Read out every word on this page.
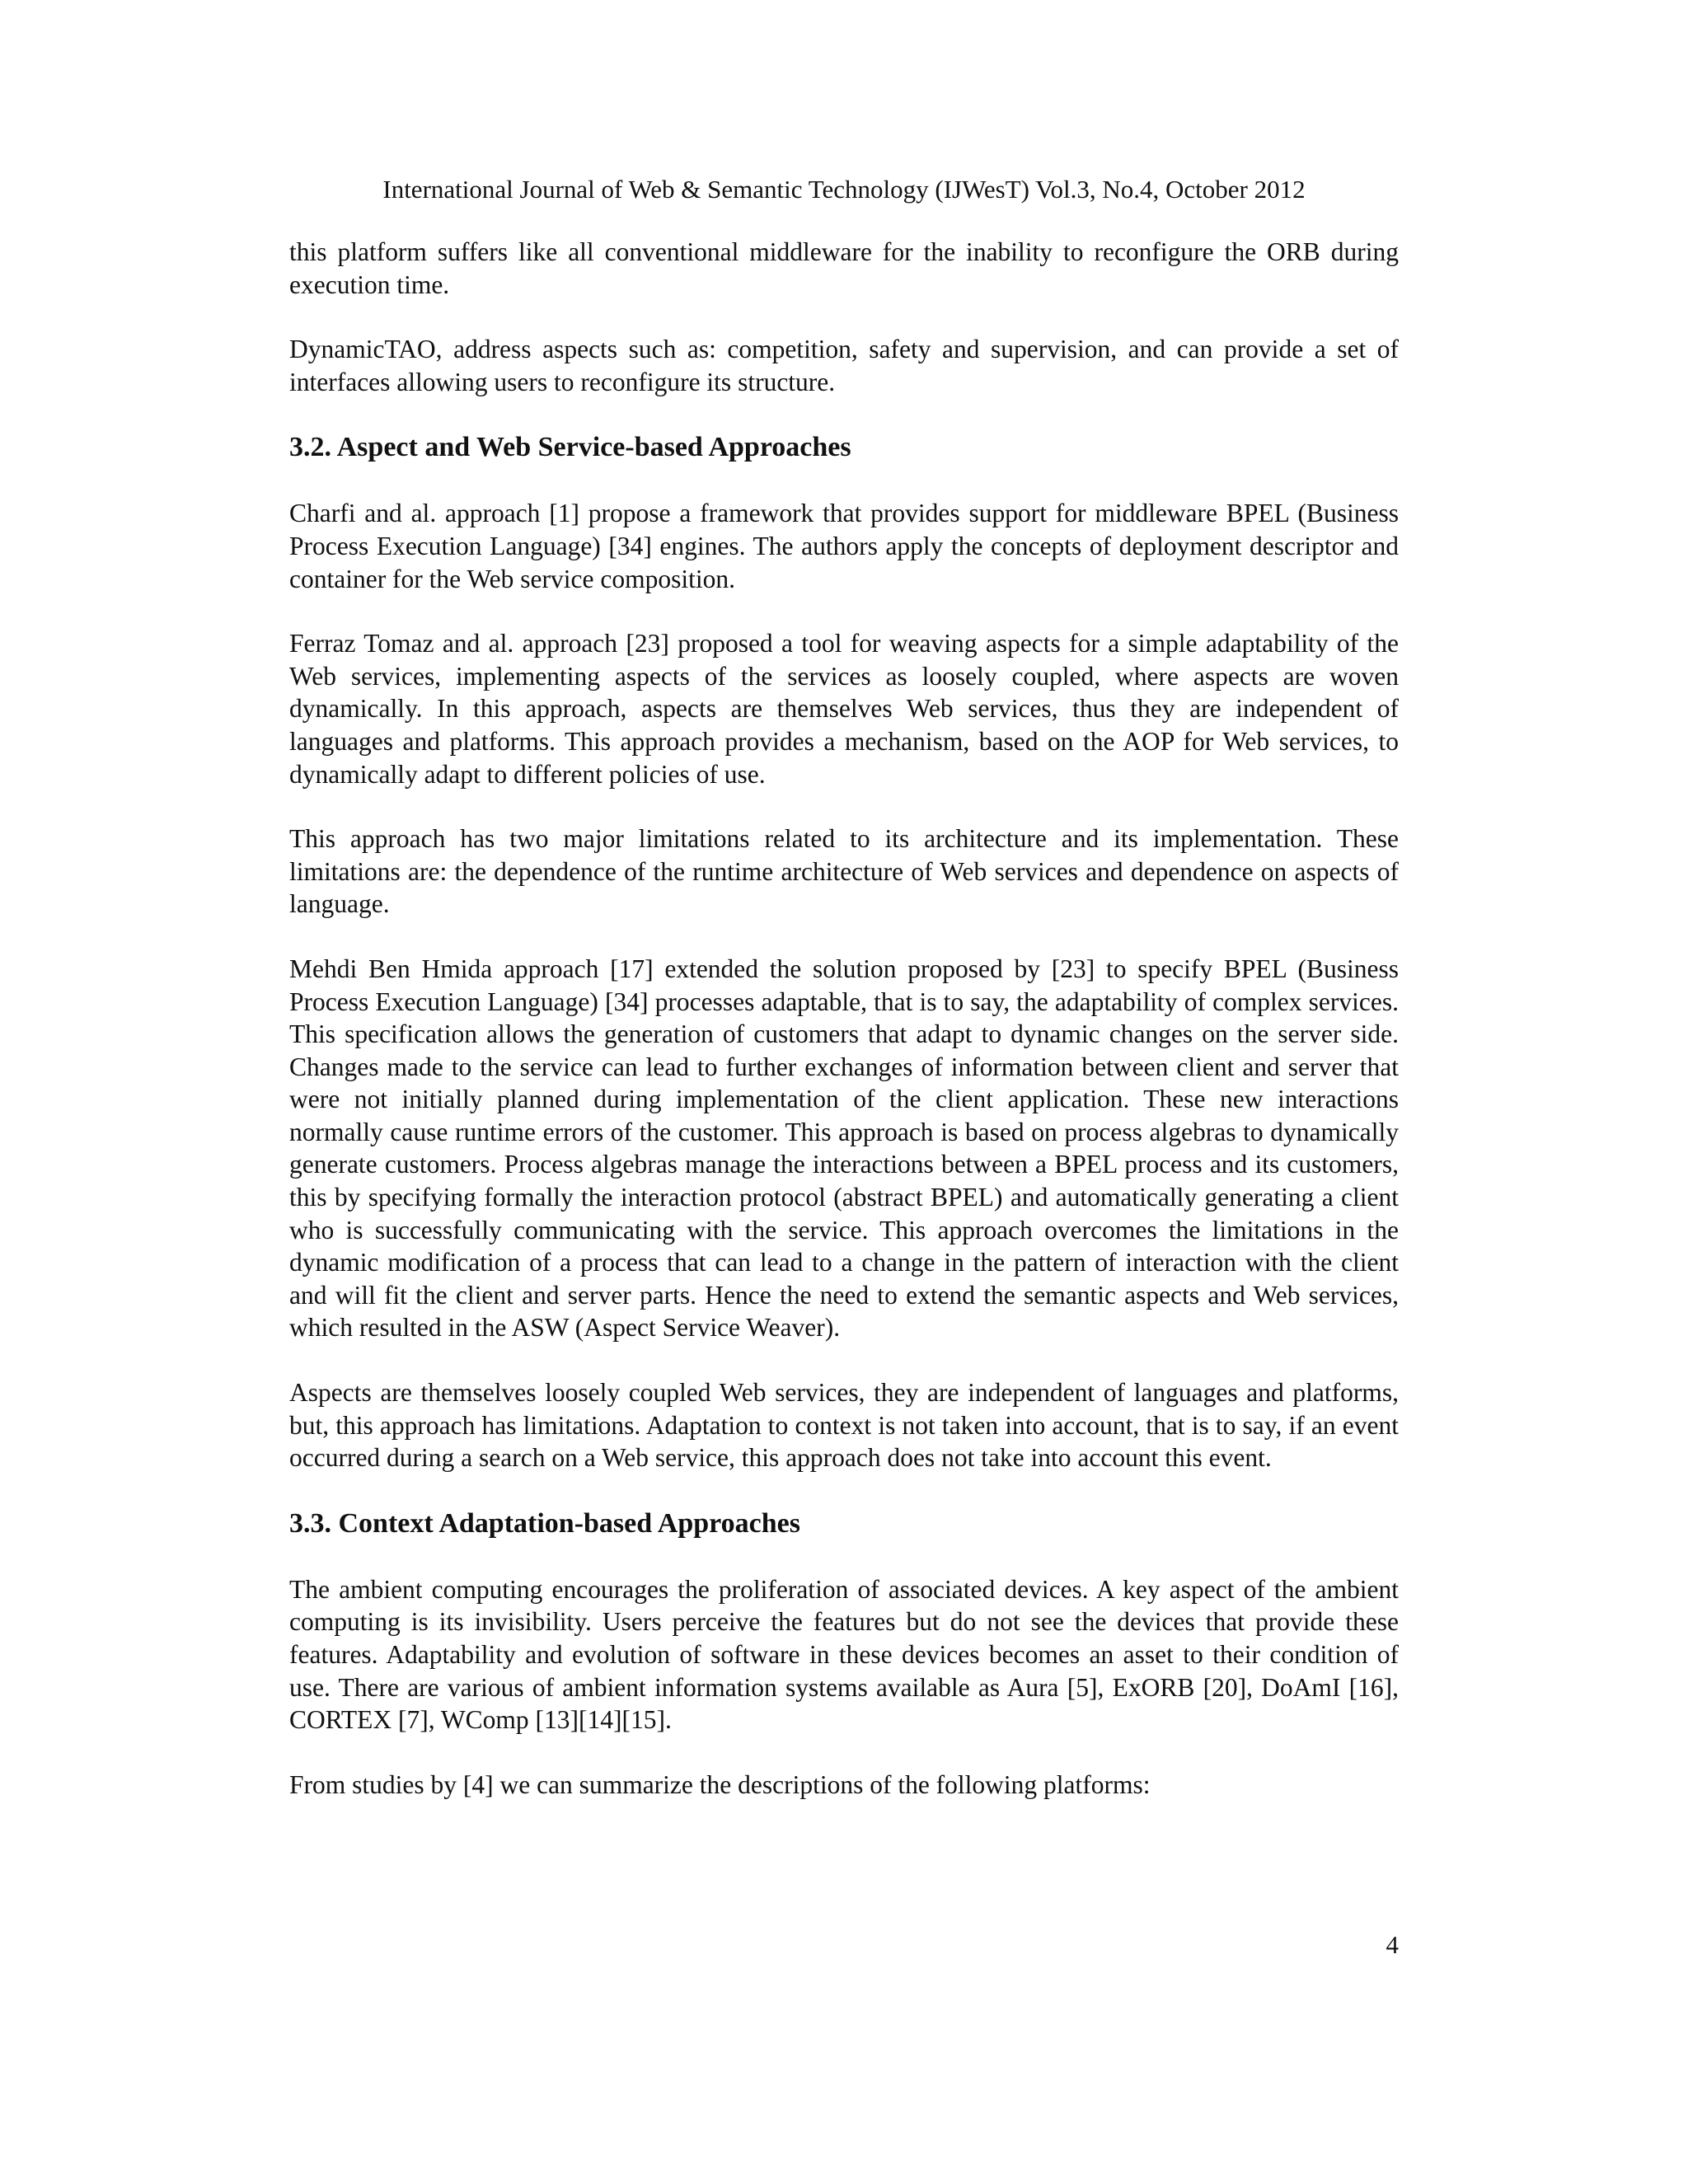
International Journal of Web & Semantic Technology (IJWesT) Vol.3, No.4, October 2012

this platform suffers like all conventional middleware for the inability to reconfigure the ORB during execution time.

DynamicTAO, address aspects such as: competition, safety and supervision, and can provide a set of interfaces allowing users to reconfigure its structure.

3.2. Aspect and Web Service-based Approaches

Charfi and al. approach [1] propose a framework that provides support for middleware BPEL (Business Process Execution Language) [34] engines. The authors apply the concepts of deployment descriptor and container for the Web service composition.

Ferraz Tomaz and al. approach [23] proposed a tool for weaving aspects for a simple adaptability of the Web services, implementing aspects of the services as loosely coupled, where aspects are woven dynamically. In this approach, aspects are themselves Web services, thus they are independent of languages and platforms. This approach provides a mechanism, based on the AOP for Web services, to dynamically adapt to different policies of use.

This approach has two major limitations related to its architecture and its implementation. These limitations are: the dependence of the runtime architecture of Web services and dependence on aspects of language.

Mehdi Ben Hmida approach [17] extended the solution proposed by [23] to specify BPEL (Business Process Execution Language) [34] processes adaptable, that is to say, the adaptability of complex services. This specification allows the generation of customers that adapt to dynamic changes on the server side. Changes made to the service can lead to further exchanges of information between client and server that were not initially planned during implementation of the client application. These new interactions normally cause runtime errors of the customer. This approach is based on process algebras to dynamically generate customers. Process algebras manage the interactions between a BPEL process and its customers, this by specifying formally the interaction protocol (abstract BPEL) and automatically generating a client who is successfully communicating with the service. This approach overcomes the limitations in the dynamic modification of a process that can lead to a change in the pattern of interaction with the client and will fit the client and server parts. Hence the need to extend the semantic aspects and Web services, which resulted in the ASW (Aspect Service Weaver).

Aspects are themselves loosely coupled Web services, they are independent of languages and platforms, but, this approach has limitations. Adaptation to context is not taken into account, that is to say, if an event occurred during a search on a Web service, this approach does not take into account this event.

3.3. Context Adaptation-based Approaches

The ambient computing encourages the proliferation of associated devices. A key aspect of the ambient computing is its invisibility. Users perceive the features but do not see the devices that provide these features. Adaptability and evolution of software in these devices becomes an asset to their condition of use. There are various of ambient information systems available as Aura [5], ExORB [20], DoAmI [16], CORTEX [7], WComp [13][14][15].

From studies by [4] we can summarize the descriptions of the following platforms:

4
